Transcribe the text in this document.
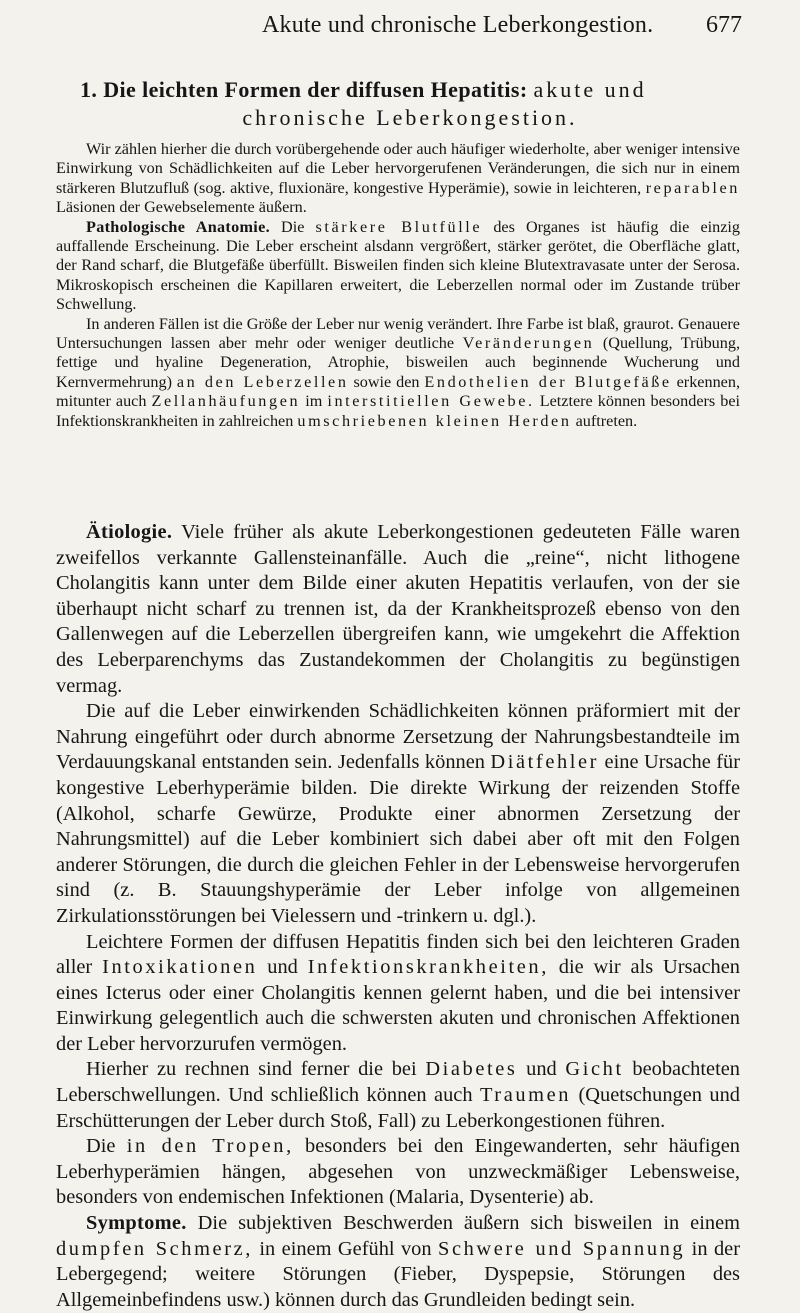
Akute und chronische Leberkongestion. 677
1. Die leichten Formen der diffusen Hepatitis: akute und
chronische Leberkongestion.

Wir zählen hierher die durch vorübergehende oder auch häufiger wiederholte, aber weniger intensive Einwirkung von Schädlichkeiten auf die Leber hervorgerufenen Veränderungen, die sich nur in einem stärkeren Blutzufluß (sog. aktive, fluxionäre, kongestive Hyperämie), sowie in leichteren, reparablen Läsionen der Gewebselemente äußern.

Pathologische Anatomie. Die stärkere Blutfülle des Organes ist häufig die einzig auffallende Erscheinung. Die Leber erscheint alsdann vergrößert, stärker gerötet, die Oberfläche glatt, der Rand scharf, die Blutgefäße überfüllt. Bisweilen finden sich kleine Blutextravasate unter der Serosa. Mikroskopisch erscheinen die Kapillaren erweitert, die Leberzellen normal oder im Zustande trüber Schwellung.

In anderen Fällen ist die Größe der Leber nur wenig verändert. Ihre Farbe ist blaß, graurot. Genauere Untersuchungen lassen aber mehr oder weniger deutliche Veränderungen (Quellung, Trübung, fettige und hyaline Degeneration, Atrophie, bisweilen auch beginnende Wucherung und Kernvermehrung) an den Leberzellen sowie den Endothelien der Blutgefäße erkennen, mitunter auch Zellanhäufungen im interstitiellen Gewebe. Letztere können besonders bei Infektionskrankheiten in zahlreichen umschriebenen kleinen Herden auftreten.

Ätiologie. Viele früher als akute Leberkongestionen gedeuteten Fälle waren zweifellos verkannte Gallensteinanfälle. Auch die „reine“, nicht lithogene Cholangitis kann unter dem Bilde einer akuten Hepatitis verlaufen, von der sie überhaupt nicht scharf zu trennen ist, da der Krankheitsprozeß ebenso von den Gallenwegen auf die Leberzellen übergreifen kann, wie umgekehrt die Affektion des Leberparenchyms das Zustandekommen der Cholangitis zu begünstigen vermag.

Die auf die Leber einwirkenden Schädlichkeiten können präformiert mit der Nahrung eingeführt oder durch abnorme Zersetzung der Nahrungsbestandteile im Verdauungskanal entstanden sein. Jedenfalls können Diätfehler eine Ursache für kongestive Leberhyperämie bilden. Die direkte Wirkung der reizenden Stoffe (Alkohol, scharfe Gewürze, Produkte einer abnormen Zersetzung der Nahrungsmittel) auf die Leber kombiniert sich dabei aber oft mit den Folgen anderer Störungen, die durch die gleichen Fehler in der Lebensweise hervorgerufen sind (z. B. Stauungshyperämie der Leber infolge von allgemeinen Zirkulationsstörungen bei Vielessern und -trinkern u. dgl.).

Leichtere Formen der diffusen Hepatitis finden sich bei den leichteren Graden aller Intoxikationen und Infektionskrankheiten, die wir als Ursachen eines Icterus oder einer Cholangitis kennen gelernt haben, und die bei intensiver Einwirkung gelegentlich auch die schwersten akuten und chronischen Affektionen der Leber hervorzurufen vermögen.

Hierher zu rechnen sind ferner die bei Diabetes und Gicht beobachteten Leberschwellungen. Und schließlich können auch Traumen (Quetschungen und Erschütterungen der Leber durch Stoß, Fall) zu Leberkongestionen führen.

Die in den Tropen, besonders bei den Eingewanderten, sehr häufigen Leberhyperämien hängen, abgesehen von unzweckmäßiger Lebensweise, besonders von endemischen Infektionen (Malaria, Dysenterie) ab.

Symptome. Die subjektiven Beschwerden äußern sich bisweilen in einem dumpfen Schmerz, in einem Gefühl von Schwere und Spannung in der Lebergegend; weitere Störungen (Fieber, Dyspepsie, Störungen des Allgemeinbefindens usw.) können durch das Grundleiden bedingt sein.
